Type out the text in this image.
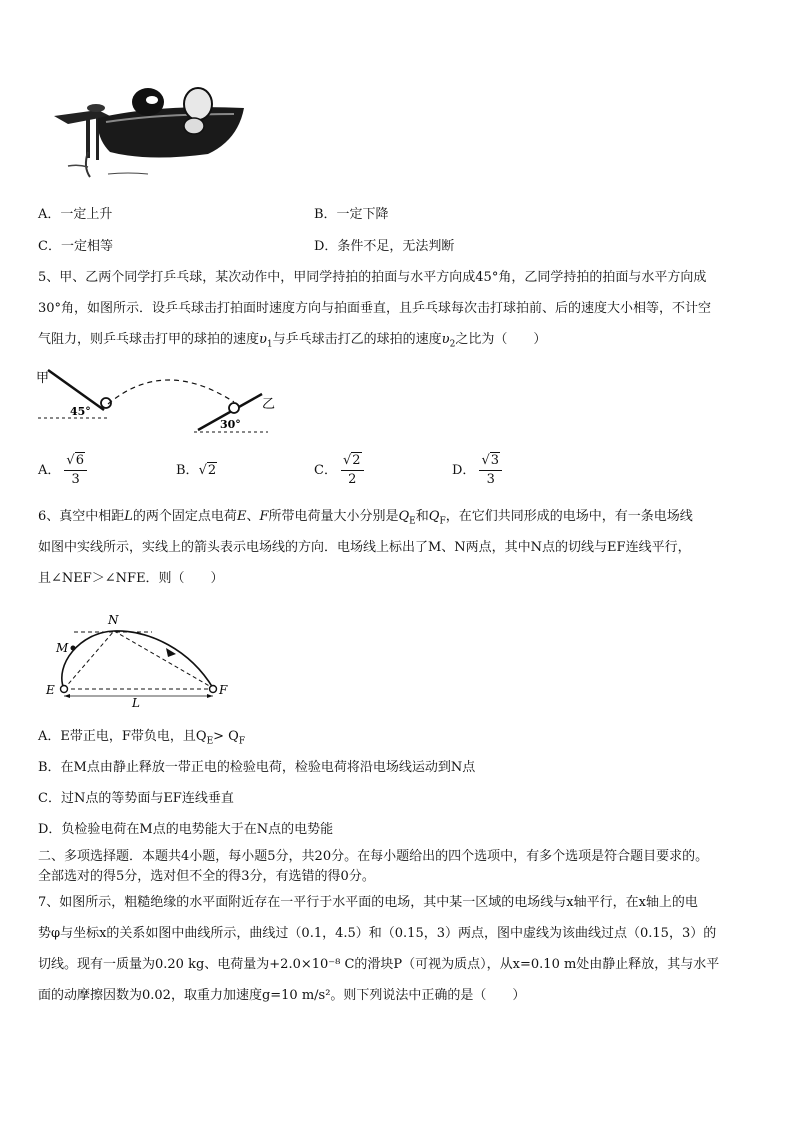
A．一定上升	B．一定下降
C．一定相等	D．条件不足，无法判断
5、甲、乙两个同学打乒乓球，某次动作中，甲同学持拍的拍面与水平方向成45°角，乙同学持拍的拍面与水平方向成
30°角，如图所示．设乒乓球击打拍面时速度方向与拍面垂直，且乒乓球每次击打球拍前、后的速度大小相等，不计空
气阻力，则乒乓球击打甲的球拍的速度$\upsilon_1$与乒乓球击打乙的球拍的速度$\upsilon_2$之比为（　　）
甲
45°
30°
乙
A． $\frac{√6}{3}$	B．√2	C． $\frac{√2}{2}$	D． $\frac{√3}{3}$
6、真空中相距L的两个固定点电荷E、F所带电荷量大小分别是$Q_E$和$Q_F$，在它们共同形成的电场中，有一条电场线
如图中实线所示，实线上的箭头表示电场线的方向．电场线上标出了M、N两点，其中N点的切线与EF连线平行，
且∠NEF＞∠NFE．则（　　）
N
M
E	F
L
A．E带正电，F带负电，且$Q_E> Q_F$
B．在M点由静止释放一带正电的检验电荷，检验电荷将沿电场线运动到N点
C．过N点的等势面与EF连线垂直
D．负检验电荷在M点的电势能大于在N点的电势能
二、多项选择题．本题共4小题，每小题5分，共20分。在每小题给出的四个选项中，有多个选项是符合题目要求的。
全部选对的得5分，选对但不全的得3分，有选错的得0分。
7、如图所示，粗糙绝缘的水平面附近存在一平行于水平面的电场，其中某一区域的电场线与x轴平行，在x轴上的电
势φ与坐标x的关系如图中曲线所示，曲线过（0.1，4.5）和（0.15，3）两点，图中虚线为该曲线过点（0.15，3）的
切线。现有一质量为0.20 kg、电荷量为+2.0×10⁻⁸ C的滑块P（可视为质点），从x=0.10 m处由静止释放，其与水平
面的动摩擦因数为0.02，取重力加速度g=10 m/s²。则下列说法中正确的是（　　）
